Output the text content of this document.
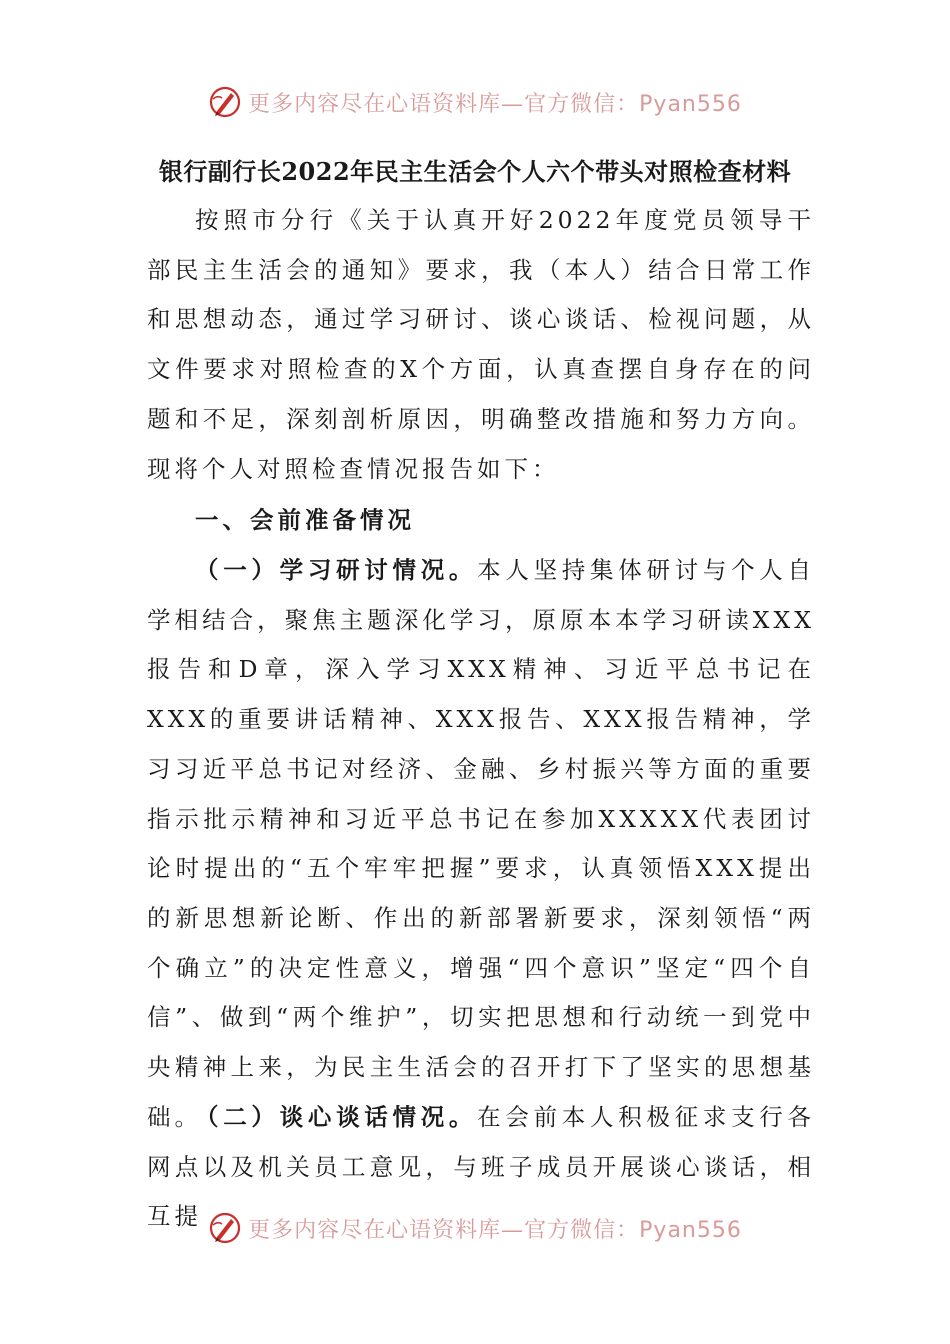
更多内容尽在心语资料库—官方微信：Pyan556
银行副行长2022年民主生活会个人六个带头对照检查材料

按照市分行《关于认真开好2022年度党员领导干部民主生活会的通知》要求，我（本人）结合日常工作和思想动态，通过学习研讨、谈心谈话、检视问题，从文件要求对照检查的X个方面，认真查摆自身存在的问题和不足，深刻剖析原因，明确整改措施和努力方向。现将个人对照检查情况报告如下：

一、会前准备情况

（一）学习研讨情况。本人坚持集体研讨与个人自学相结合，聚焦主题深化学习，原原本本学习研读XXX报告和D章，深入学习XXX精神、习近平总书记在XXX的重要讲话精神、XXX报告、XXX报告精神，学习习近平总书记对经济、金融、乡村振兴等方面的重要指示批示精神和习近平总书记在参加XXXXX代表团讨论时提出的“五个牢牢把握”要求，认真领悟XXX提出的新思想新论断、作出的新部署新要求，深刻领悟“两个确立”的决定性意义，增强“四个意识”坚定“四个自信”、做到“两个维护”，切实把思想和行动统一到党中央精神上来，为民主生活会的召开打下了坚实的思想基础。

（二）谈心谈话情况。在会前本人积极征求支行各网点以及机关员工意见，与班子成员开展谈心谈话，相互提	更多内容尽在心语资料库—官方微信：Pyan556
